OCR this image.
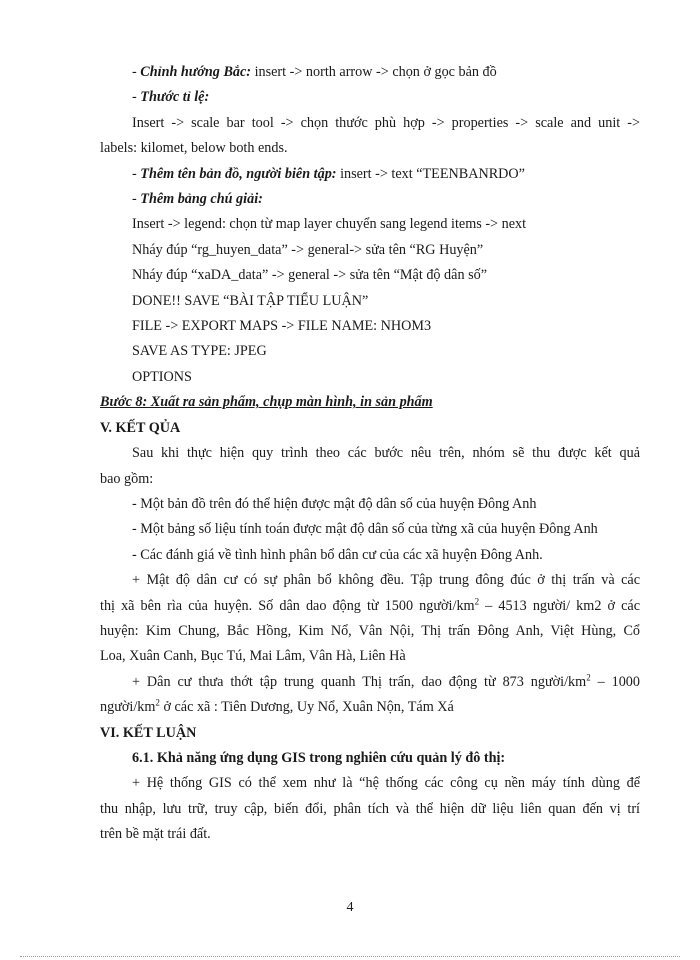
- Chỉnh hướng Bắc: insert -> north arrow -> chọn ở gọc bản đồ
- Thước tỉ lệ:
Insert -> scale bar tool -> chọn thước phù hợp -> properties -> scale and unit ->
labels: kilomet, below both ends.
- Thêm tên bản đồ, người biên tập: insert -> text “TEENBANRDO”
- Thêm bảng chú giải:
Insert -> legend: chọn từ map layer chuyển sang legend items -> next
Nháy đúp “rg_huyen_data” -> general-> sửa tên “RG Huyện”
Nháy đúp “xaDA_data” -> general -> sửa tên “Mật độ dân số”
DONE!! SAVE “BÀI TẬP TIỂU LUẬN”
FILE -> EXPORT MAPS -> FILE NAME: NHOM3
SAVE AS TYPE: JPEG
OPTIONS
Bước 8: Xuất ra sản phẩm, chụp màn hình, in sản phẩm
V. KẾT QỦA
Sau khi thực hiện quy trình theo các bước nêu trên, nhóm sẽ thu được kết quả
bao gồm:
- Một bản đồ trên đó thể hiện được mật độ dân số của huyện Đông Anh
- Một bảng số liệu tính toán được mật độ dân số của từng xã của huyện Đông Anh
- Các đánh giá về tình hình phân bổ dân cư của các xã huyện Đông Anh.
+ Mật độ dân cư có sự phân bổ không đều. Tập trung đông đúc ở thị trấn và các
thị xã bên rìa của huyện. Số dân dao động từ 1500 người/$km^2 - 4513$ người/ km2 ở các
huyện: Kim Chung, Bắc Hồng, Kim Nổ, Vân Nội, Thị trấn Đông Anh, Việt Hùng, Cổ
Loa, Xuân Canh, Bục Tú, Mai Lâm, Vân Hà, Liên Hà
+ Dân cư thưa thớt tập trung quanh Thị trấn, dao động từ 873 người/$km^2 - 1000$
người/$km^2$ ở các xã : Tiên Dương, Uy Nổ, Xuân Nộn, Tám Xá
VI. KẾT LUẬN
6.1. Khả năng ứng dụng GIS trong nghiên cứu quản lý đô thị:
+ Hệ thống GIS có thể xem như là “hệ thống các công cụ nền máy tính dùng để
thu nhập, lưu trữ, truy cập, biến đổi, phân tích và thể hiện dữ liệu liên quan đến vị trí
trên bề mặt trái đất.
4
